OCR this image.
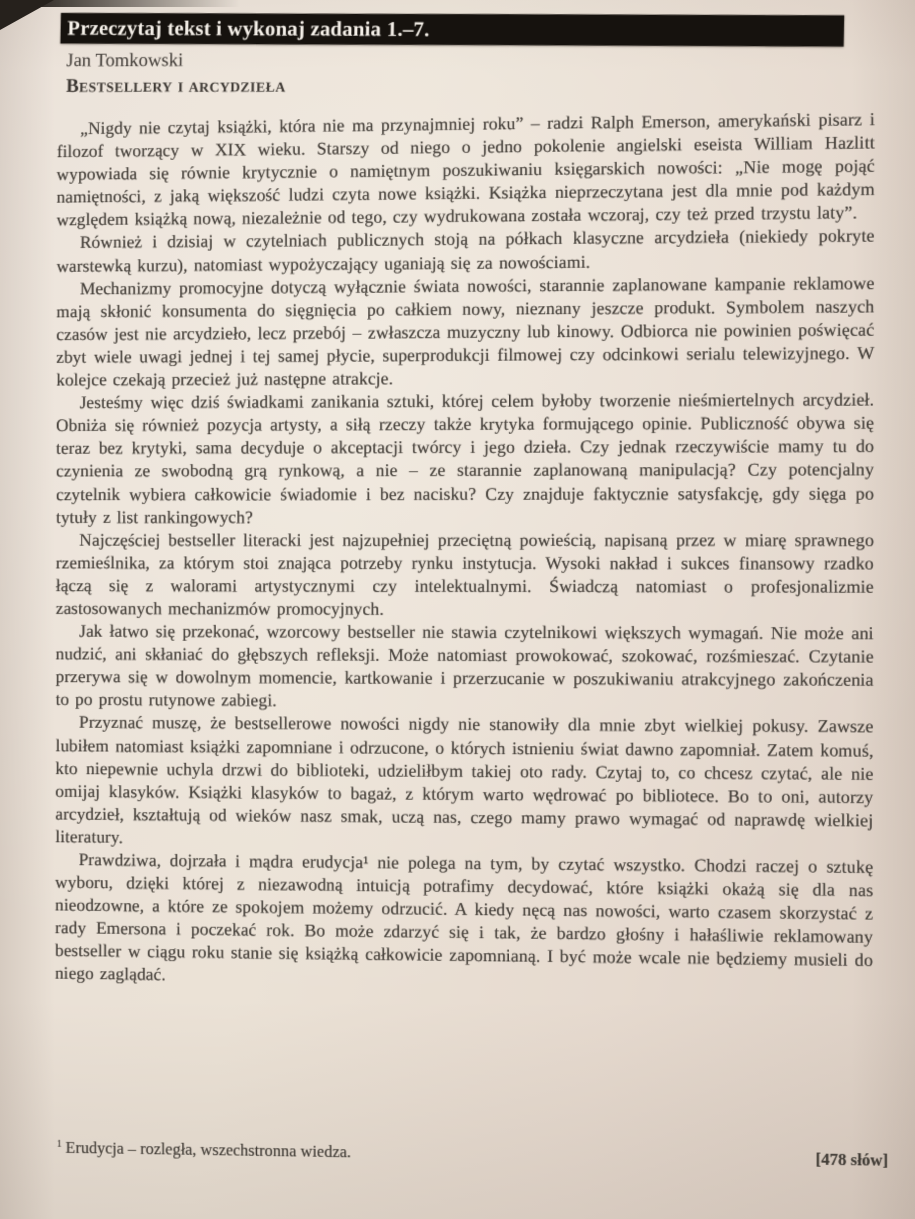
Przeczytaj tekst i wykonaj zadania 1.–7.
Jan Tomkowski
Bestsellery i arcydzieła

„Nigdy nie czytaj książki, która nie ma przynajmniej roku” – radzi Ralph Emerson, amerykański pisarz i filozof tworzący w XIX wieku. Starszy od niego o jedno pokolenie angielski eseista William Hazlitt wypowiada się równie krytycznie o namiętnym poszukiwaniu księgarskich nowości: „Nie mogę pojąć namiętności, z jaką większość ludzi czyta nowe książki. Książka nieprzeczytana jest dla mnie pod każdym względem książką nową, niezależnie od tego, czy wydrukowana została wczoraj, czy też przed trzystu laty”.

Również i dzisiaj w czytelniach publicznych stoją na półkach klasyczne arcydzieła (niekiedy pokryte warstewką kurzu), natomiast wypożyczający uganiają się za nowościami.

Mechanizmy promocyjne dotyczą wyłącznie świata nowości, starannie zaplanowane kampanie reklamowe mają skłonić konsumenta do sięgnięcia po całkiem nowy, nieznany jeszcze produkt. Symbolem naszych czasów jest nie arcydzieło, lecz przebój – zwłaszcza muzyczny lub kinowy. Odbiorca nie powinien poświęcać zbyt wiele uwagi jednej i tej samej płycie, superprodukcji filmowej czy odcinkowi serialu telewizyjnego. W kolejce czekają przecież już następne atrakcje.

Jesteśmy więc dziś świadkami zanikania sztuki, której celem byłoby tworzenie nieśmiertelnych arcydzieł. Obniża się również pozycja artysty, a siłą rzeczy także krytyka formującego opinie. Publiczność obywa się teraz bez krytyki, sama decyduje o akceptacji twórcy i jego dzieła. Czy jednak rzeczywiście mamy tu do czynienia ze swobodną grą rynkową, a nie – ze starannie zaplanowaną manipulacją? Czy potencjalny czytelnik wybiera całkowicie świadomie i bez nacisku? Czy znajduje faktycznie satysfakcję, gdy sięga po tytuły z list rankingowych?

Najczęściej bestseller literacki jest najzupełniej przeciętną powieścią, napisaną przez w miarę sprawnego rzemieślnika, za którym stoi znająca potrzeby rynku instytucja. Wysoki nakład i sukces finansowy rzadko łączą się z walorami artystycznymi czy intelektualnymi. Świadczą natomiast o profesjonalizmie zastosowanych mechanizmów promocyjnych.

Jak łatwo się przekonać, wzorcowy bestseller nie stawia czytelnikowi większych wymagań. Nie może ani nudzić, ani skłaniać do głębszych refleksji. Może natomiast prowokować, szokować, rozśmieszać. Czytanie przerywa się w dowolnym momencie, kartkowanie i przerzucanie w poszukiwaniu atrakcyjnego zakończenia to po prostu rutynowe zabiegi.

Przyznać muszę, że bestsellerowe nowości nigdy nie stanowiły dla mnie zbyt wielkiej pokusy. Zawsze lubiłem natomiast książki zapomniane i odrzucone, o których istnieniu świat dawno zapomniał. Zatem komuś, kto niepewnie uchyla drzwi do biblioteki, udzieliłbym takiej oto rady. Czytaj to, co chcesz czytać, ale nie omijaj klasyków. Książki klasyków to bagaż, z którym warto wędrować po bibliotece. Bo to oni, autorzy arcydzieł, kształtują od wieków nasz smak, uczą nas, czego mamy prawo wymagać od naprawdę wielkiej literatury.

Prawdziwa, dojrzała i mądra erudycja¹ nie polega na tym, by czytać wszystko. Chodzi raczej o sztukę wyboru, dzięki której z niezawodną intuicją potrafimy decydować, które książki okażą się dla nas nieodzowne, a które ze spokojem możemy odrzucić. A kiedy nęcą nas nowości, warto czasem skorzystać z rady Emersona i poczekać rok. Bo może zdarzyć się i tak, że bardzo głośny i hałaśliwie reklamowany bestseller w ciągu roku stanie się książką całkowicie zapomnianą. I być może wcale nie będziemy musieli do niego zaglądać.

$^1$ Erudycja – rozległa, wszechstronna wiedza.	[478 słów]
